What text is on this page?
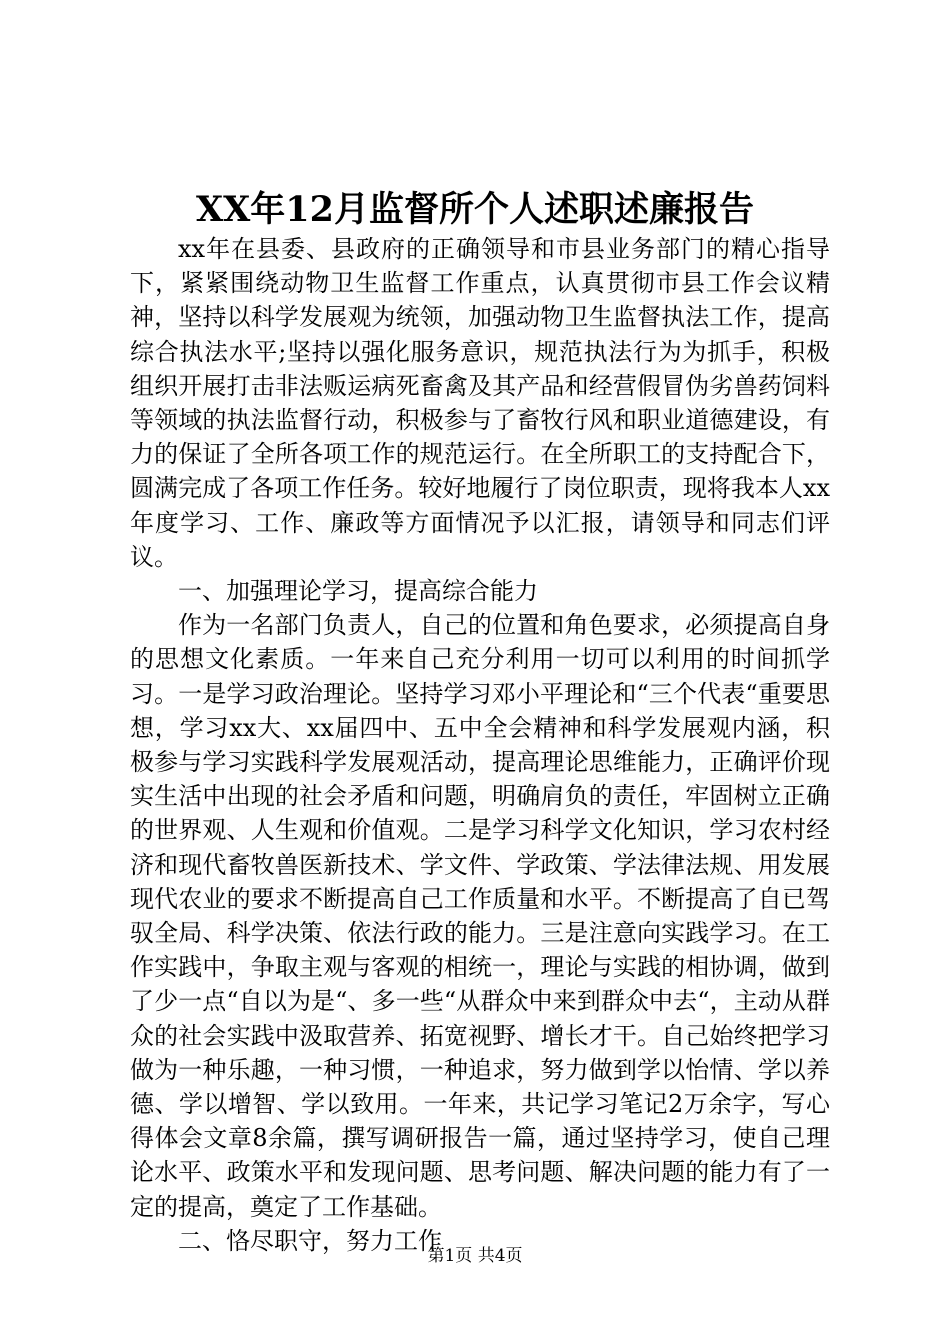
XX年12月监督所个人述职述廉报告

xx年在县委、县政府的正确领导和市县业务部门的精心指导下，紧紧围绕动物卫生监督工作重点，认真贯彻市县工作会议精神，坚持以科学发展观为统领，加强动物卫生监督执法工作，提高综合执法水平;坚持以强化服务意识，规范执法行为为抓手，积极组织开展打击非法贩运病死畜禽及其产品和经营假冒伪劣兽药饲料等领域的执法监督行动，积极参与了畜牧行风和职业道德建设，有力的保证了全所各项工作的规范运行。在全所职工的支持配合下，圆满完成了各项工作任务。较好地履行了岗位职责，现将我本人xx年度学习、工作、廉政等方面情况予以汇报，请领导和同志们评议。

一、加强理论学习，提高综合能力

作为一名部门负责人，自己的位置和角色要求，必须提高自身的思想文化素质。一年来自己充分利用一切可以利用的时间抓学习。一是学习政治理论。坚持学习邓小平理论和“三个代表“重要思想，学习xx大、xx届四中、五中全会精神和科学发展观内涵，积极参与学习实践科学发展观活动，提高理论思维能力，正确评价现实生活中出现的社会矛盾和问题，明确肩负的责任，牢固树立正确的世界观、人生观和价值观。二是学习科学文化知识，学习农村经济和现代畜牧兽医新技术、学文件、学政策、学法律法规、用发展现代农业的要求不断提高自己工作质量和水平。不断提高了自已驾驭全局、科学决策、依法行政的能力。三是注意向实践学习。在工作实践中，争取主观与客观的相统一，理论与实践的相协调，做到了少一点“自以为是“、多一些“从群众中来到群众中去“，主动从群众的社会实践中汲取营养、拓宽视野、增长才干。自己始终把学习做为一种乐趣，一种习惯，一种追求，努力做到学以怡情、学以养德、学以增智、学以致用。一年来，共记学习笔记2万余字，写心得体会文章8余篇，撰写调研报告一篇，通过坚持学习，使自己理论水平、政策水平和发现问题、思考问题、解决问题的能力有了一定的提高，奠定了工作基础。

二、恪尽职守，努力工作

第1页 共4页
